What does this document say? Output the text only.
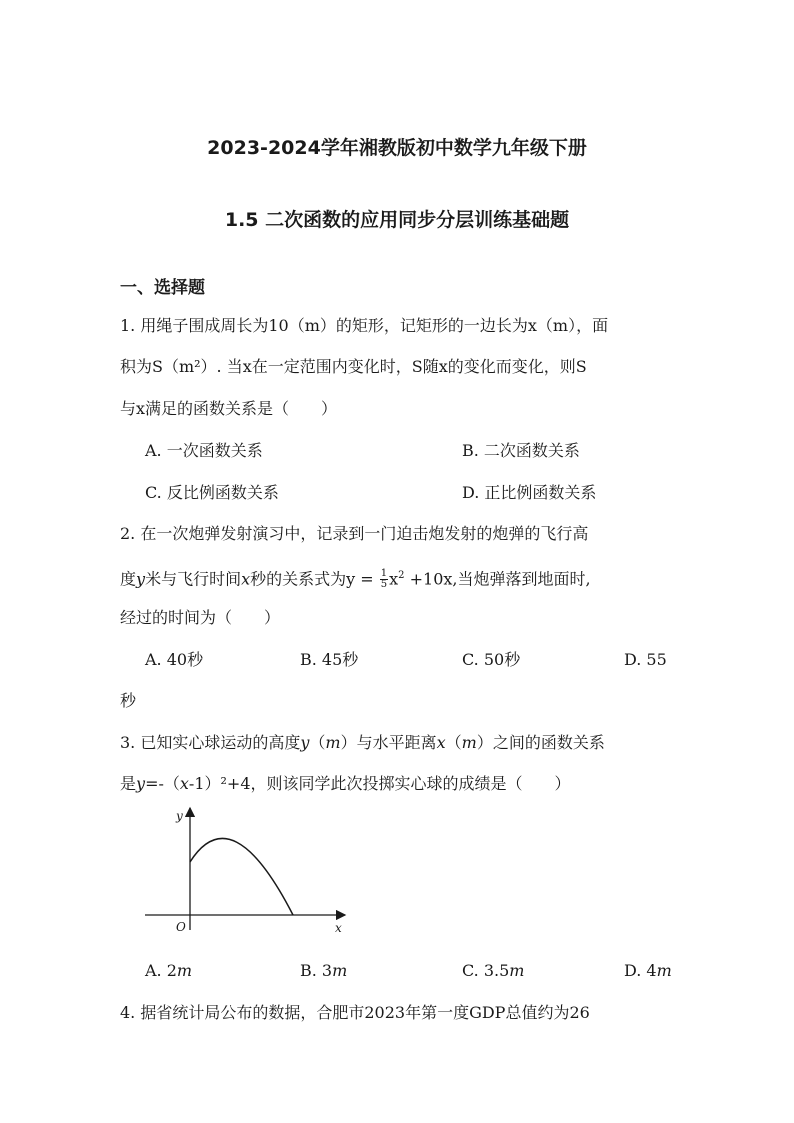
2023-2024学年湘教版初中数学九年级下册
1.5 二次函数的应用同步分层训练基础题
一、选择题
1. 用绳子围成周长为10（m）的矩形，记矩形的一边长为x（m），面
积为S（m²）. 当x在一定范围内变化时，S随x的变化而变化，则S
与x满足的函数关系是（　　）
A. 一次函数关系	B. 二次函数关系
C. 反比例函数关系	D. 正比例函数关系
2. 在一次炮弹发射演习中，记录到一门迫击炮发射的炮弹的飞行高
度y米与飞行时间x秒的关系式为$y = \frac{1}{5} x^2 +10x$,当炮弹落到地面时,
经过的时间为（　　）
A. 40秒	B. 45秒	C. 50秒	D. 55
秒
3. 已知实心球运动的高度y（m）与水平距离x（m）之间的函数关系
是y=-（x-1）²+4，则该同学此次投掷实心球的成绩是（　　）
y
x
O
A. 2m	B. 3m	C. 3.5m	D. 4m
4. 据省统计局公布的数据，合肥市2023年第一度GDP总值约为26
